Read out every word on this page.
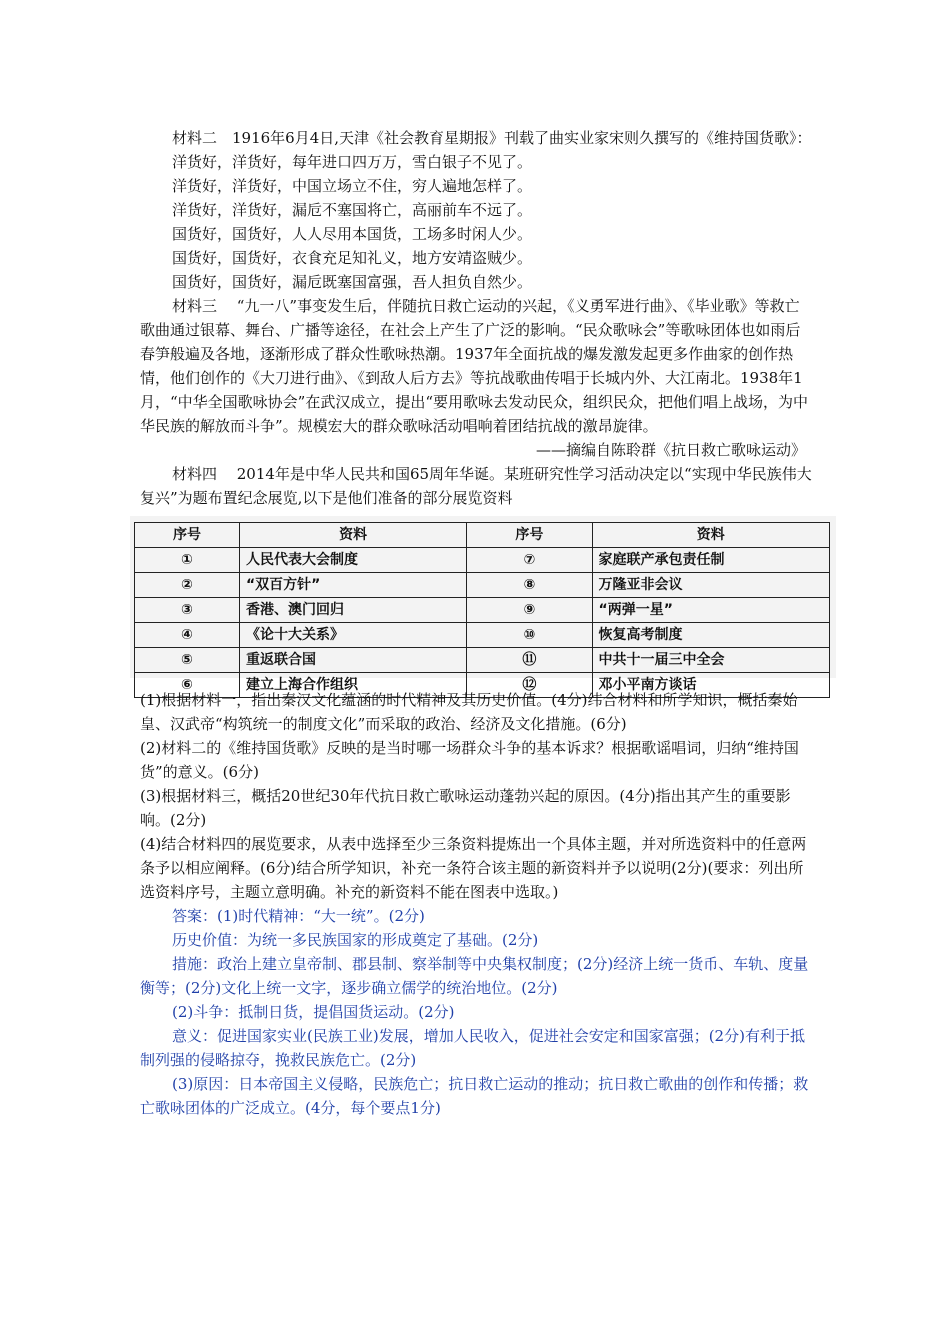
材料二　1916年6月4日,天津《社会教育星期报》刊载了曲实业家宋则久撰写的《维持国货歌》：

洋货好，洋货好，每年进口四万万，雪白银子不见了。

洋货好，洋货好，中国立场立不住，穷人遍地怎样了。

洋货好，洋货好，漏卮不塞国将亡，高丽前车不远了。

国货好，国货好，人人尽用本国货，工场多时闲人少。

国货好，国货好，衣食充足知礼义，地方安靖盗贼少。

国货好，国货好，漏卮既塞国富强，吾人担负自然少。

材料三　 “九一八”事变发生后，伴随抗日救亡运动的兴起，《义勇军进行曲》、《毕业歌》等救亡歌曲通过银幕、舞台、广播等途径，在社会上产生了广泛的影响。“民众歌咏会”等歌咏团体也如雨后春笋般遍及各地，逐渐形成了群众性歌咏热潮。1937年全面抗战的爆发激发起更多作曲家的创作热情，他们创作的《大刀进行曲》、《到敌人后方去》等抗战歌曲传唱于长城内外、大江南北。1938年1月，“中华全国歌咏协会”在武汉成立，提出“要用歌咏去发动民众，组织民众，把他们唱上战场，为中华民族的解放而斗争”。规模宏大的群众歌咏活动唱响着团结抗战的激昂旋律。

——摘编自陈聆群《抗日救亡歌咏运动》

材料四　 2014年是中华人民共和国65周年华诞。某班研究性学习活动决定以“实现中华民族伟大复兴”为题布置纪念展览,以下是他们准备的部分展览资料

序号	资料	序号	资料
①	人民代表大会制度	⑦	家庭联产承包责任制
②	“双百方针”	⑧	万隆亚非会议
③	香港、澳门回归	⑨	“两弹一星”
④	《论十大关系》	⑩	恢复高考制度
⑤	重返联合国	⑪	中共十一届三中全会
⑥	建立上海合作组织	⑫	邓小平南方谈话

(1)根据材料一，指出秦汉文化蕴涵的时代精神及其历史价值。(4分)纬合材料和所学知识，概括秦始皇、汉武帝“构筑统一的制度文化”而采取的政治、经济及文化措施。(6分)

(2)材料二的《维持国货歌》反映的是当时哪一场群众斗争的基本诉求？根据歌谣唱词，归纳“维持国货”的意义。(6分)

(3)根据材料三，概括20世纪30年代抗日救亡歌咏运动蓬勃兴起的原因。(4分)指出其产生的重要影响。(2分)

(4)结合材料四的展览要求，从表中选择至少三条资料提炼出一个具体主题，并对所选资料中的任意两条予以相应阐释。(6分)结合所学知识，补充一条符合该主题的新资料并予以说明(2分)(要求：列出所选资料序号，主题立意明确。补充的新资料不能在图表中选取。)

答案：(1)时代精神：“大一统”。(2分)

历史价值：为统一多民族国家的形成奠定了基础。(2分)

措施：政治上建立皇帝制、郡县制、察举制等中央集权制度；(2分)经济上统一货币、车轨、度量衡等；(2分)文化上统一文字，逐步确立儒学的统治地位。(2分)

(2)斗争：抵制日货，提倡国货运动。(2分)

意义：促进国家实业(民族工业)发展，增加人民收入，促进社会安定和国家富强；(2分)有利于抵制列强的侵略掠夺，挽救民族危亡。(2分)

(3)原因：日本帝国主义侵略，民族危亡；抗日救亡运动的推动；抗日救亡歌曲的创作和传播；救亡歌咏团体的广泛成立。(4分，每个要点1分)
